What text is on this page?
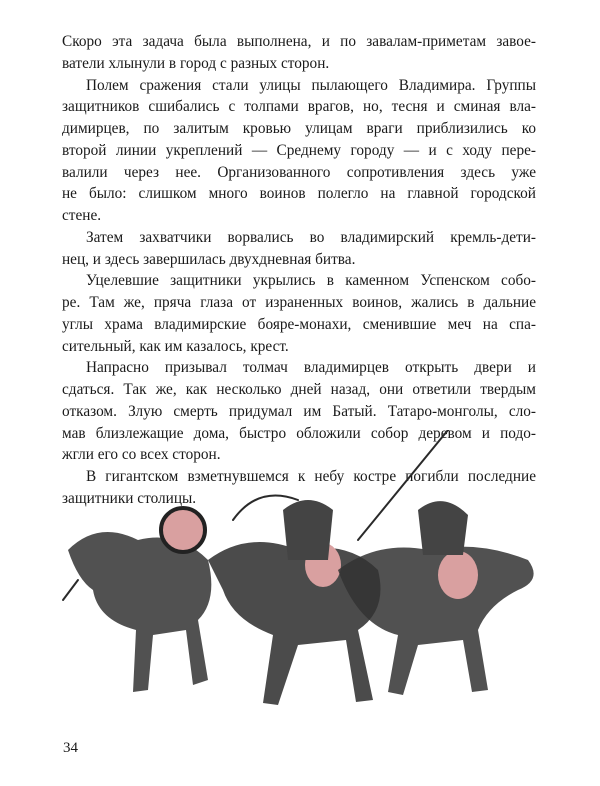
Скоро эта задача была выполнена, и по завалам-приметам завое-
ватели хлынули в город с разных сторон.
Полем сражения стали улицы пылающего Владимира. Группы
защитников сшибались с толпами врагов, но, тесня и сминая вла-
димирцев, по залитым кровью улицам враги приблизились ко
второй линии укреплений — Среднему городу — и с ходу пере-
валили через нее. Организованного сопротивления здесь уже
не было: слишком много воинов полегло на главной городской
стене.
Затем захватчики ворвались во владимирский кремль-дети-
нец, и здесь завершилась двухдневная битва.
Уцелевшие защитники укрылись в каменном Успенском собо-
ре. Там же, пряча глаза от израненных воинов, жались в дальние
углы храма владимирские бояре-монахи, сменившие меч на спа-
сительный, как им казалось, крест.
Напрасно призывал толмач владимирцев открыть двери и
сдаться. Так же, как несколько дней назад, они ответили твердым
отказом. Злую смерть придумал им Батый. Татаро-монголы, сло-
мав близлежащие дома, быстро обложили собор деревом и подо-
жгли его со всех сторон.
В гигантском взметнувшемся к небу костре погибли последние
защитники столицы.
34
